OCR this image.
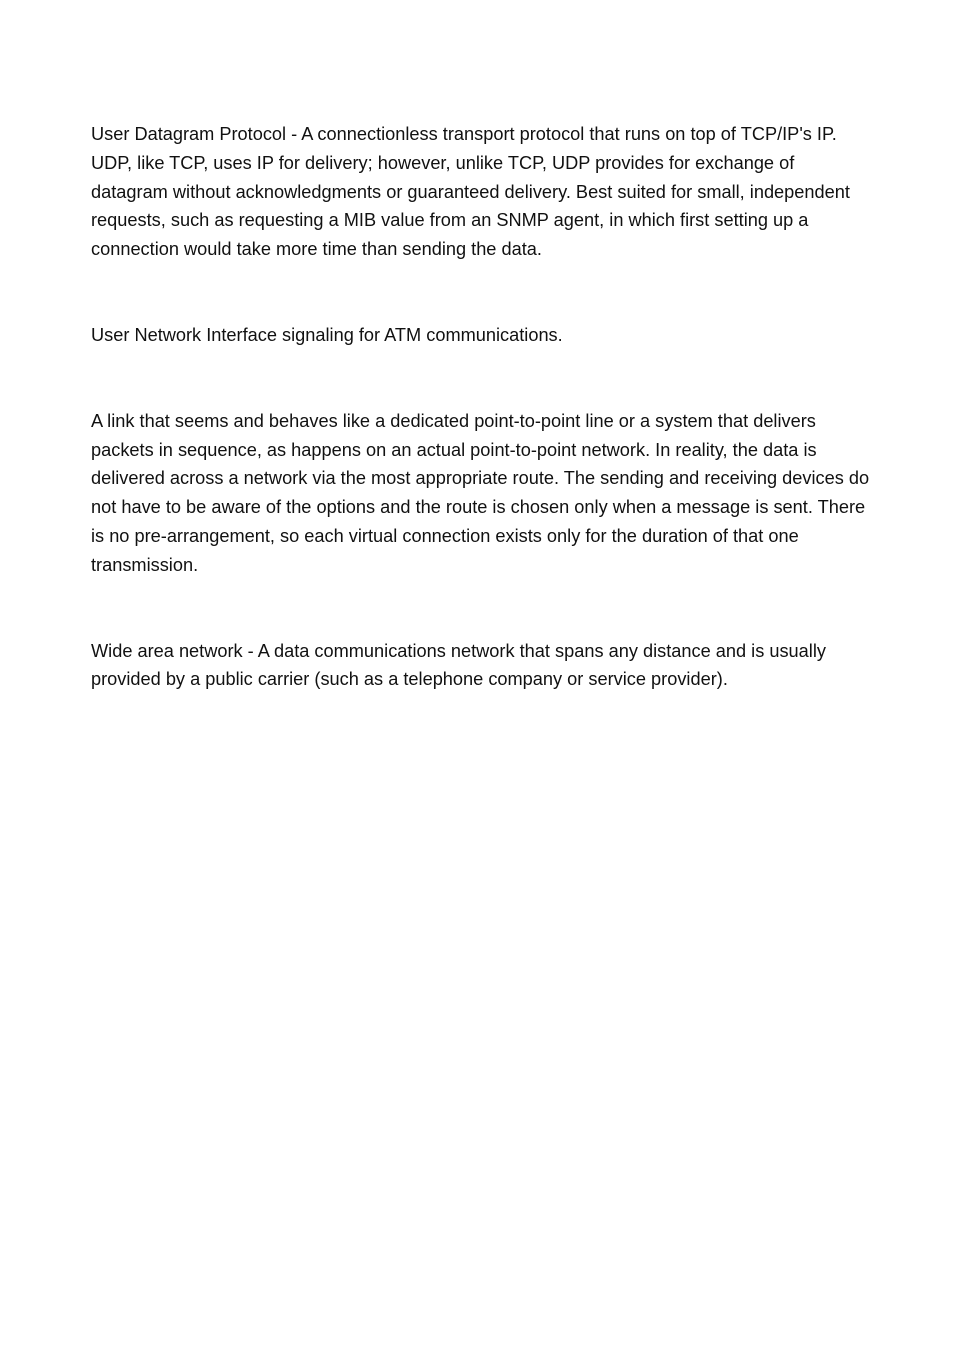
User Datagram Protocol - A connectionless transport protocol that runs on top of TCP/IP's IP. UDP, like TCP, uses IP for delivery; however, unlike TCP, UDP provides for exchange of datagram without acknowledgments or guaranteed delivery. Best suited for small, independent requests, such as requesting a MIB value from an SNMP agent, in which first setting up a connection would take more time than sending the data.

User Network Interface signaling for ATM communications.

A link that seems and behaves like a dedicated point-to-point line or a system that delivers packets in sequence, as happens on an actual point-to-point network. In reality, the data is delivered across a network via the most appropriate route. The sending and receiving devices do not have to be aware of the options and the route is chosen only when a message is sent. There is no pre-arrangement, so each virtual connection exists only for the duration of that one transmission.

Wide area network - A data communications network that spans any distance and is usually provided by a public carrier (such as a telephone company or service provider).
